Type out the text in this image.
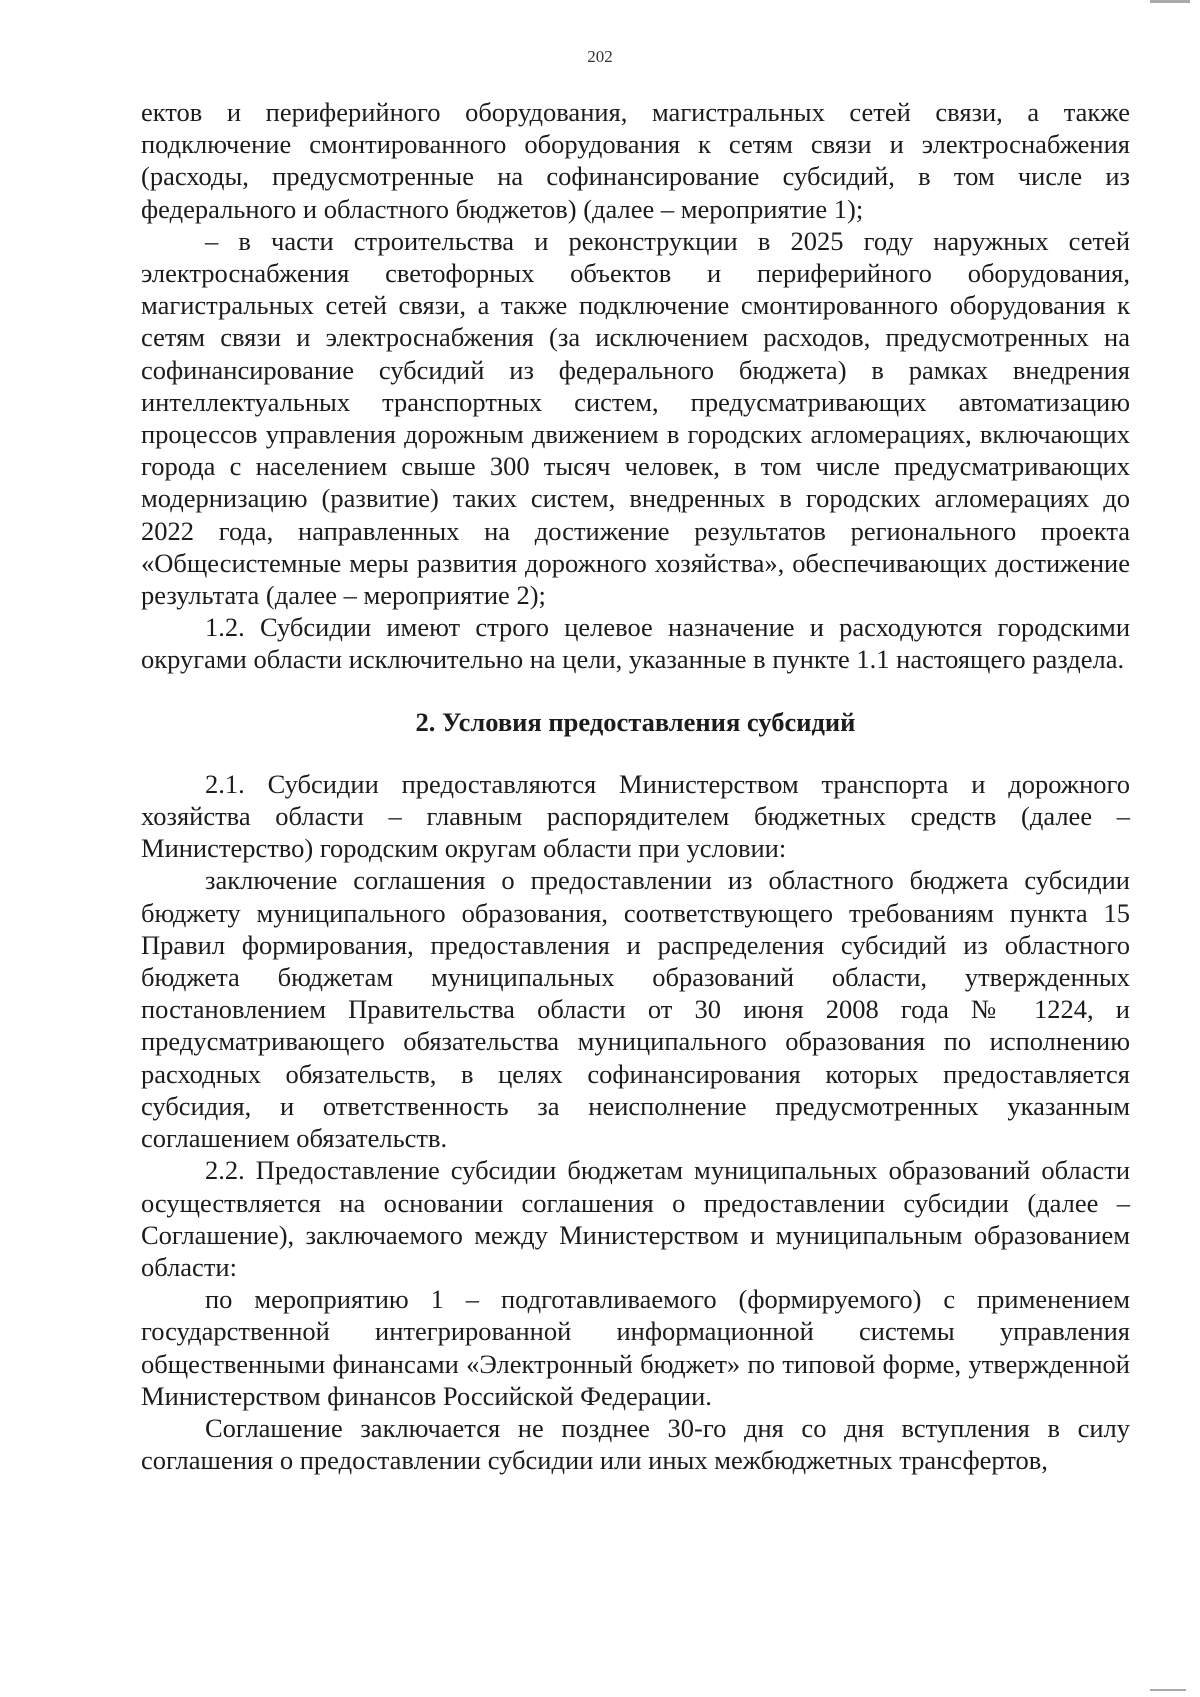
202

ектов и периферийного оборудования, магистральных сетей связи, а также подключение смонтированного оборудования к сетям связи и электроснабжения (расходы, предусмотренные на софинансирование субсидий, в том числе из федерального и областного бюджетов) (далее – мероприятие 1);

– в части строительства и реконструкции в 2025 году наружных сетей электроснабжения светофорных объектов и периферийного оборудования, магистральных сетей связи, а также подключение смонтированного оборудования к сетям связи и электроснабжения (за исключением расходов, предусмотренных на софинансирование субсидий из федерального бюджета) в рамках внедрения интеллектуальных транспортных систем, предусматривающих автоматизацию процессов управления дорожным движением в городских агломерациях, включающих города с населением свыше 300 тысяч человек, в том числе предусматривающих модернизацию (развитие) таких систем, внедренных в городских агломерациях до 2022 года, направленных на достижение результатов регионального проекта «Общесистемные меры развития дорожного хозяйства», обеспечивающих достижение результата (далее – мероприятие 2);

1.2. Субсидии имеют строго целевое назначение и расходуются городскими округами области исключительно на цели, указанные в пункте 1.1 настоящего раздела.

2. Условия предоставления субсидий

2.1. Субсидии предоставляются Министерством транспорта и дорожного хозяйства области – главным распорядителем бюджетных средств (далее – Министерство) городским округам области при условии:

заключение соглашения о предоставлении из областного бюджета субсидии бюджету муниципального образования, соответствующего требованиям пункта 15 Правил формирования, предоставления и распределения субсидий из областного бюджета бюджетам муниципальных образований области, утвержденных постановлением Правительства области от 30 июня 2008 года № 1224, и предусматривающего обязательства муниципального образования по исполнению расходных обязательств, в целях софинансирования которых предоставляется субсидия, и ответственность за неисполнение предусмотренных указанным соглашением обязательств.

2.2. Предоставление субсидии бюджетам муниципальных образований области осуществляется на основании соглашения о предоставлении субсидии (далее – Соглашение), заключаемого между Министерством и муниципальным образованием области:

по мероприятию 1 – подготавливаемого (формируемого) с применением государственной интегрированной информационной системы управления общественными финансами «Электронный бюджет» по типовой форме, утвержденной Министерством финансов Российской Федерации.

Соглашение заключается не позднее 30-го дня со дня вступления в силу соглашения о предоставлении субсидии или иных межбюджетных трансфертов,
